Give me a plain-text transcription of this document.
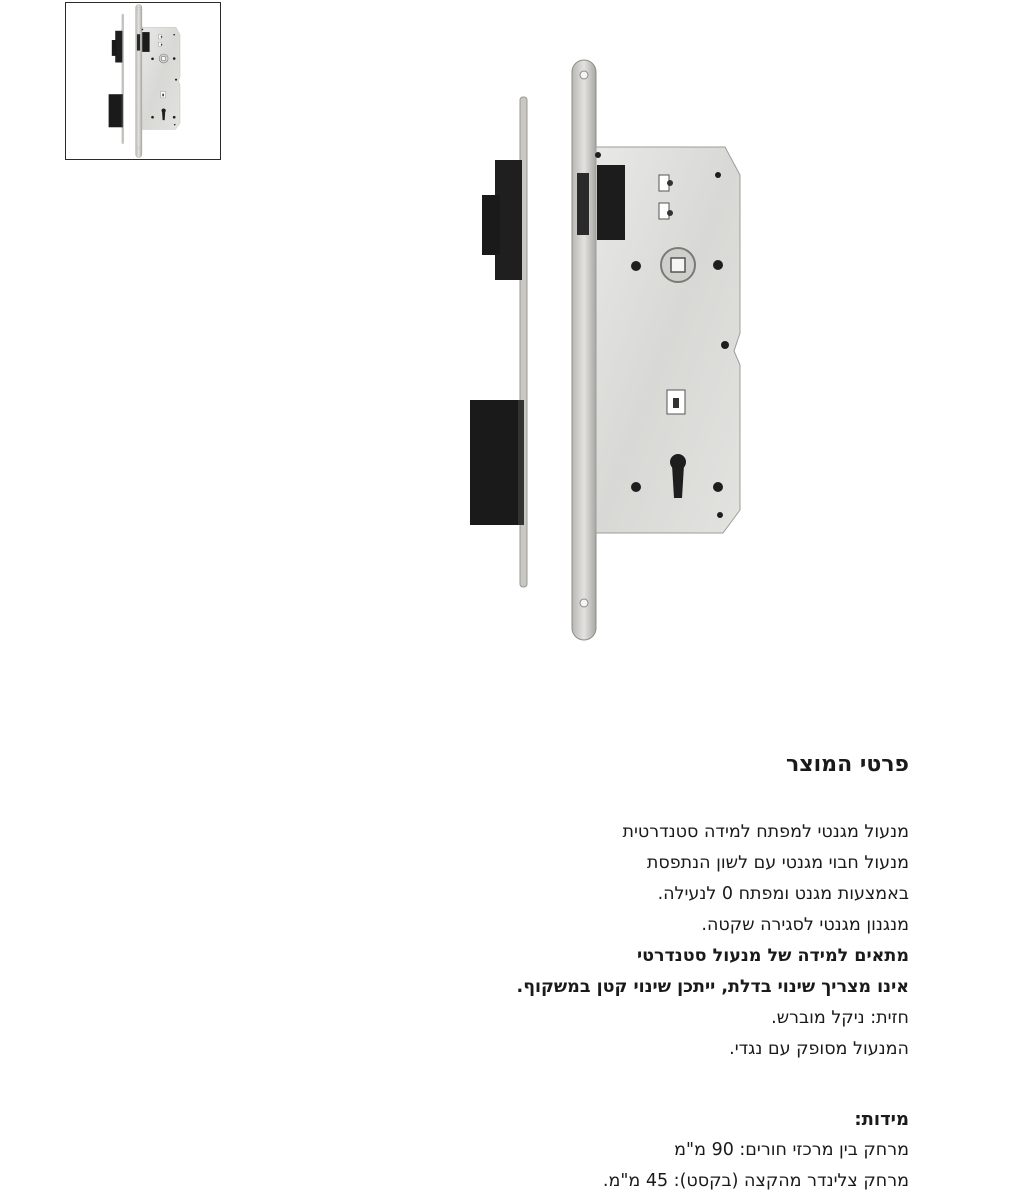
פרטי המוצר

מנעול מגנטי למפתח למידה סטנדרטית

מנעול חבוי מגנטי עם לשון הנתפסת

באמצעות מגנט ומפתח 0 לנעילה.

מנגנון מגנטי לסגירה שקטה.

מתאים למידה של מנעול סטנדרטי

אינו מצריך שינוי בדלת, ייתכן שינוי קטן במשקוף.

חזית: ניקל מוברש.

המנעול מסופק עם נגדי.

מידות:

מרחק בין מרכזי חורים: 90 מ"מ

מרחק צלינדר מהקצה (בקסט): 45 מ"מ.
